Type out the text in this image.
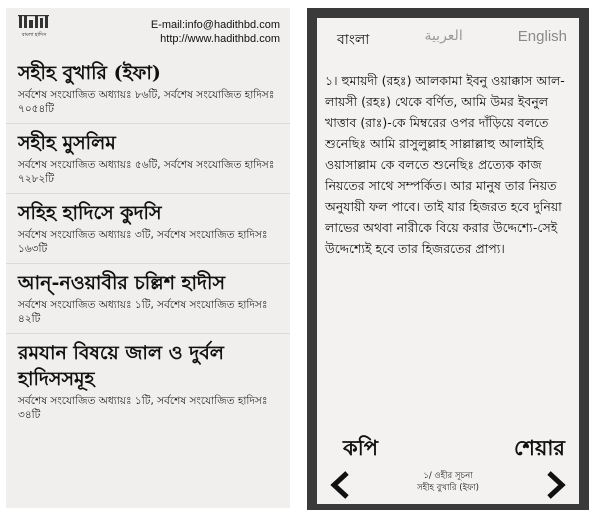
বাংলা হাদিস
E-mail:info@hadithbd.com
http://www.hadithbd.com
সহীহ বুখারি (ইফা)
সর্বশেষ সংযোজিত অধ্যায়ঃ ৮৬টি, সর্বশেষ সংযোজিত হাদিসঃ ৭০৫৪টি
সহীহ মুসলিম
সর্বশেষ সংযোজিত অধ্যায়ঃ ৫৬টি, সর্বশেষ সংযোজিত হাদিসঃ ৭২৮২টি
সহিহ হাদিসে কুদসি
সর্বশেষ সংযোজিত অধ্যায়ঃ ৩টি, সর্বশেষ সংযোজিত হাদিসঃ ১৬৩টি
আন্-নওয়াবীর চল্লিশ হাদীস
সর্বশেষ সংযোজিত অধ্যায়ঃ ১টি, সর্বশেষ সংযোজিত হাদিসঃ ৪২টি
রমযান বিষয়ে জাল ও দুর্বল হাদিসসমূহ
সর্বশেষ সংযোজিত অধ্যায়ঃ ১টি, সর্বশেষ সংযোজিত হাদিসঃ ৩৪টি
বাংলা	العربية	English
১। হুমায়দী (রহঃ) আলকামা ইবনু ওয়াক্কাস আল-লায়সী (রহঃ) থেকে বর্ণিত, আমি উমর ইবনুল খাত্তাব (রাঃ)-কে মিম্বরের ওপর দাঁড়িয়ে বলতে শুনেছিঃ আমি রাসুলুল্লাহ সাল্লাল্লাহু আলাইহি ওয়াসাল্লাম কে বলতে শুনেছিঃ প্রত্যেক কাজ নিয়তের সাথে সম্পর্কিত। আর মানুষ তার নিয়ত অনুযায়ী ফল পাবে। তাই যার হিজরত হবে দুনিয়া লাভের অথবা নারীকে বিয়ে করার উদ্দেশ্যে-সেই উদ্দেশ্যেই হবে তার হিজরতের প্রাপ্য।
কপি	শেয়ার
১/ ওহীর সূচনা
সহীহ বুখারি (ইফা)
